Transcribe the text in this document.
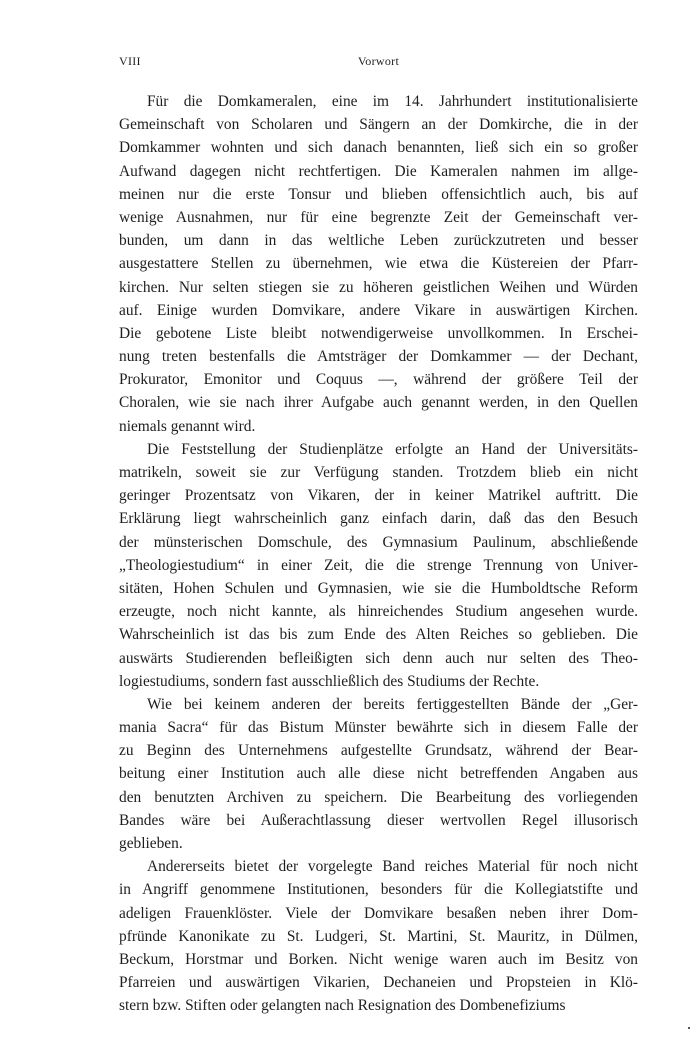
VIII	Vorwort
Für die Domkameralen, eine im 14. Jahrhundert institutionalisierte
Gemeinschaft von Scholaren und Sängern an der Domkirche, die in der
Domkammer wohnten und sich danach benannten, ließ sich ein so großer
Aufwand dagegen nicht rechtfertigen. Die Kameralen nahmen im allge-
meinen nur die erste Tonsur und blieben offensichtlich auch, bis auf
wenige Ausnahmen, nur für eine begrenzte Zeit der Gemeinschaft ver-
bunden, um dann in das weltliche Leben zurückzutreten und besser
ausgestattere Stellen zu übernehmen, wie etwa die Küstereien der Pfarr-
kirchen. Nur selten stiegen sie zu höheren geistlichen Weihen und Würden
auf. Einige wurden Domvikare, andere Vikare in auswärtigen Kirchen.
Die gebotene Liste bleibt notwendigerweise unvollkommen. In Erschei-
nung treten bestenfalls die Amtsträger der Domkammer — der Dechant,
Prokurator, Emonitor und Coquus —, während der größere Teil der
Choralen, wie sie nach ihrer Aufgabe auch genannt werden, in den Quellen
niemals genannt wird.
Die Feststellung der Studienplätze erfolgte an Hand der Universitäts-
matrikeln, soweit sie zur Verfügung standen. Trotzdem blieb ein nicht
geringer Prozentsatz von Vikaren, der in keiner Matrikel auftritt. Die
Erklärung liegt wahrscheinlich ganz einfach darin, daß das den Besuch
der münsterischen Domschule, des Gymnasium Paulinum, abschließende
„Theologiestudium“ in einer Zeit, die die strenge Trennung von Univer-
sitäten, Hohen Schulen und Gymnasien, wie sie die Humboldtsche Reform
erzeugte, noch nicht kannte, als hinreichendes Studium angesehen wurde.
Wahrscheinlich ist das bis zum Ende des Alten Reiches so geblieben. Die
auswärts Studierenden befleißigten sich denn auch nur selten des Theo-
logiestudiums, sondern fast ausschließlich des Studiums der Rechte.
Wie bei keinem anderen der bereits fertiggestellten Bände der „Ger-
mania Sacra“ für das Bistum Münster bewährte sich in diesem Falle der
zu Beginn des Unternehmens aufgestellte Grundsatz, während der Bear-
beitung einer Institution auch alle diese nicht betreffenden Angaben aus
den benutzten Archiven zu speichern. Die Bearbeitung des vorliegenden
Bandes wäre bei Außerachtlassung dieser wertvollen Regel illusorisch
geblieben.
Andererseits bietet der vorgelegte Band reiches Material für noch nicht
in Angriff genommene Institutionen, besonders für die Kollegiatstifte und
adeligen Frauenklöster. Viele der Domvikare besaßen neben ihrer Dom-
pfründe Kanonikate zu St. Ludgeri, St. Martini, St. Mauritz, in Dülmen,
Beckum, Horstmar und Borken. Nicht wenige waren auch im Besitz von
Pfarreien und auswärtigen Vikarien, Dechaneien und Propsteien in Klö-
stern bzw. Stiften oder gelangten nach Resignation des Dombenefiziums
